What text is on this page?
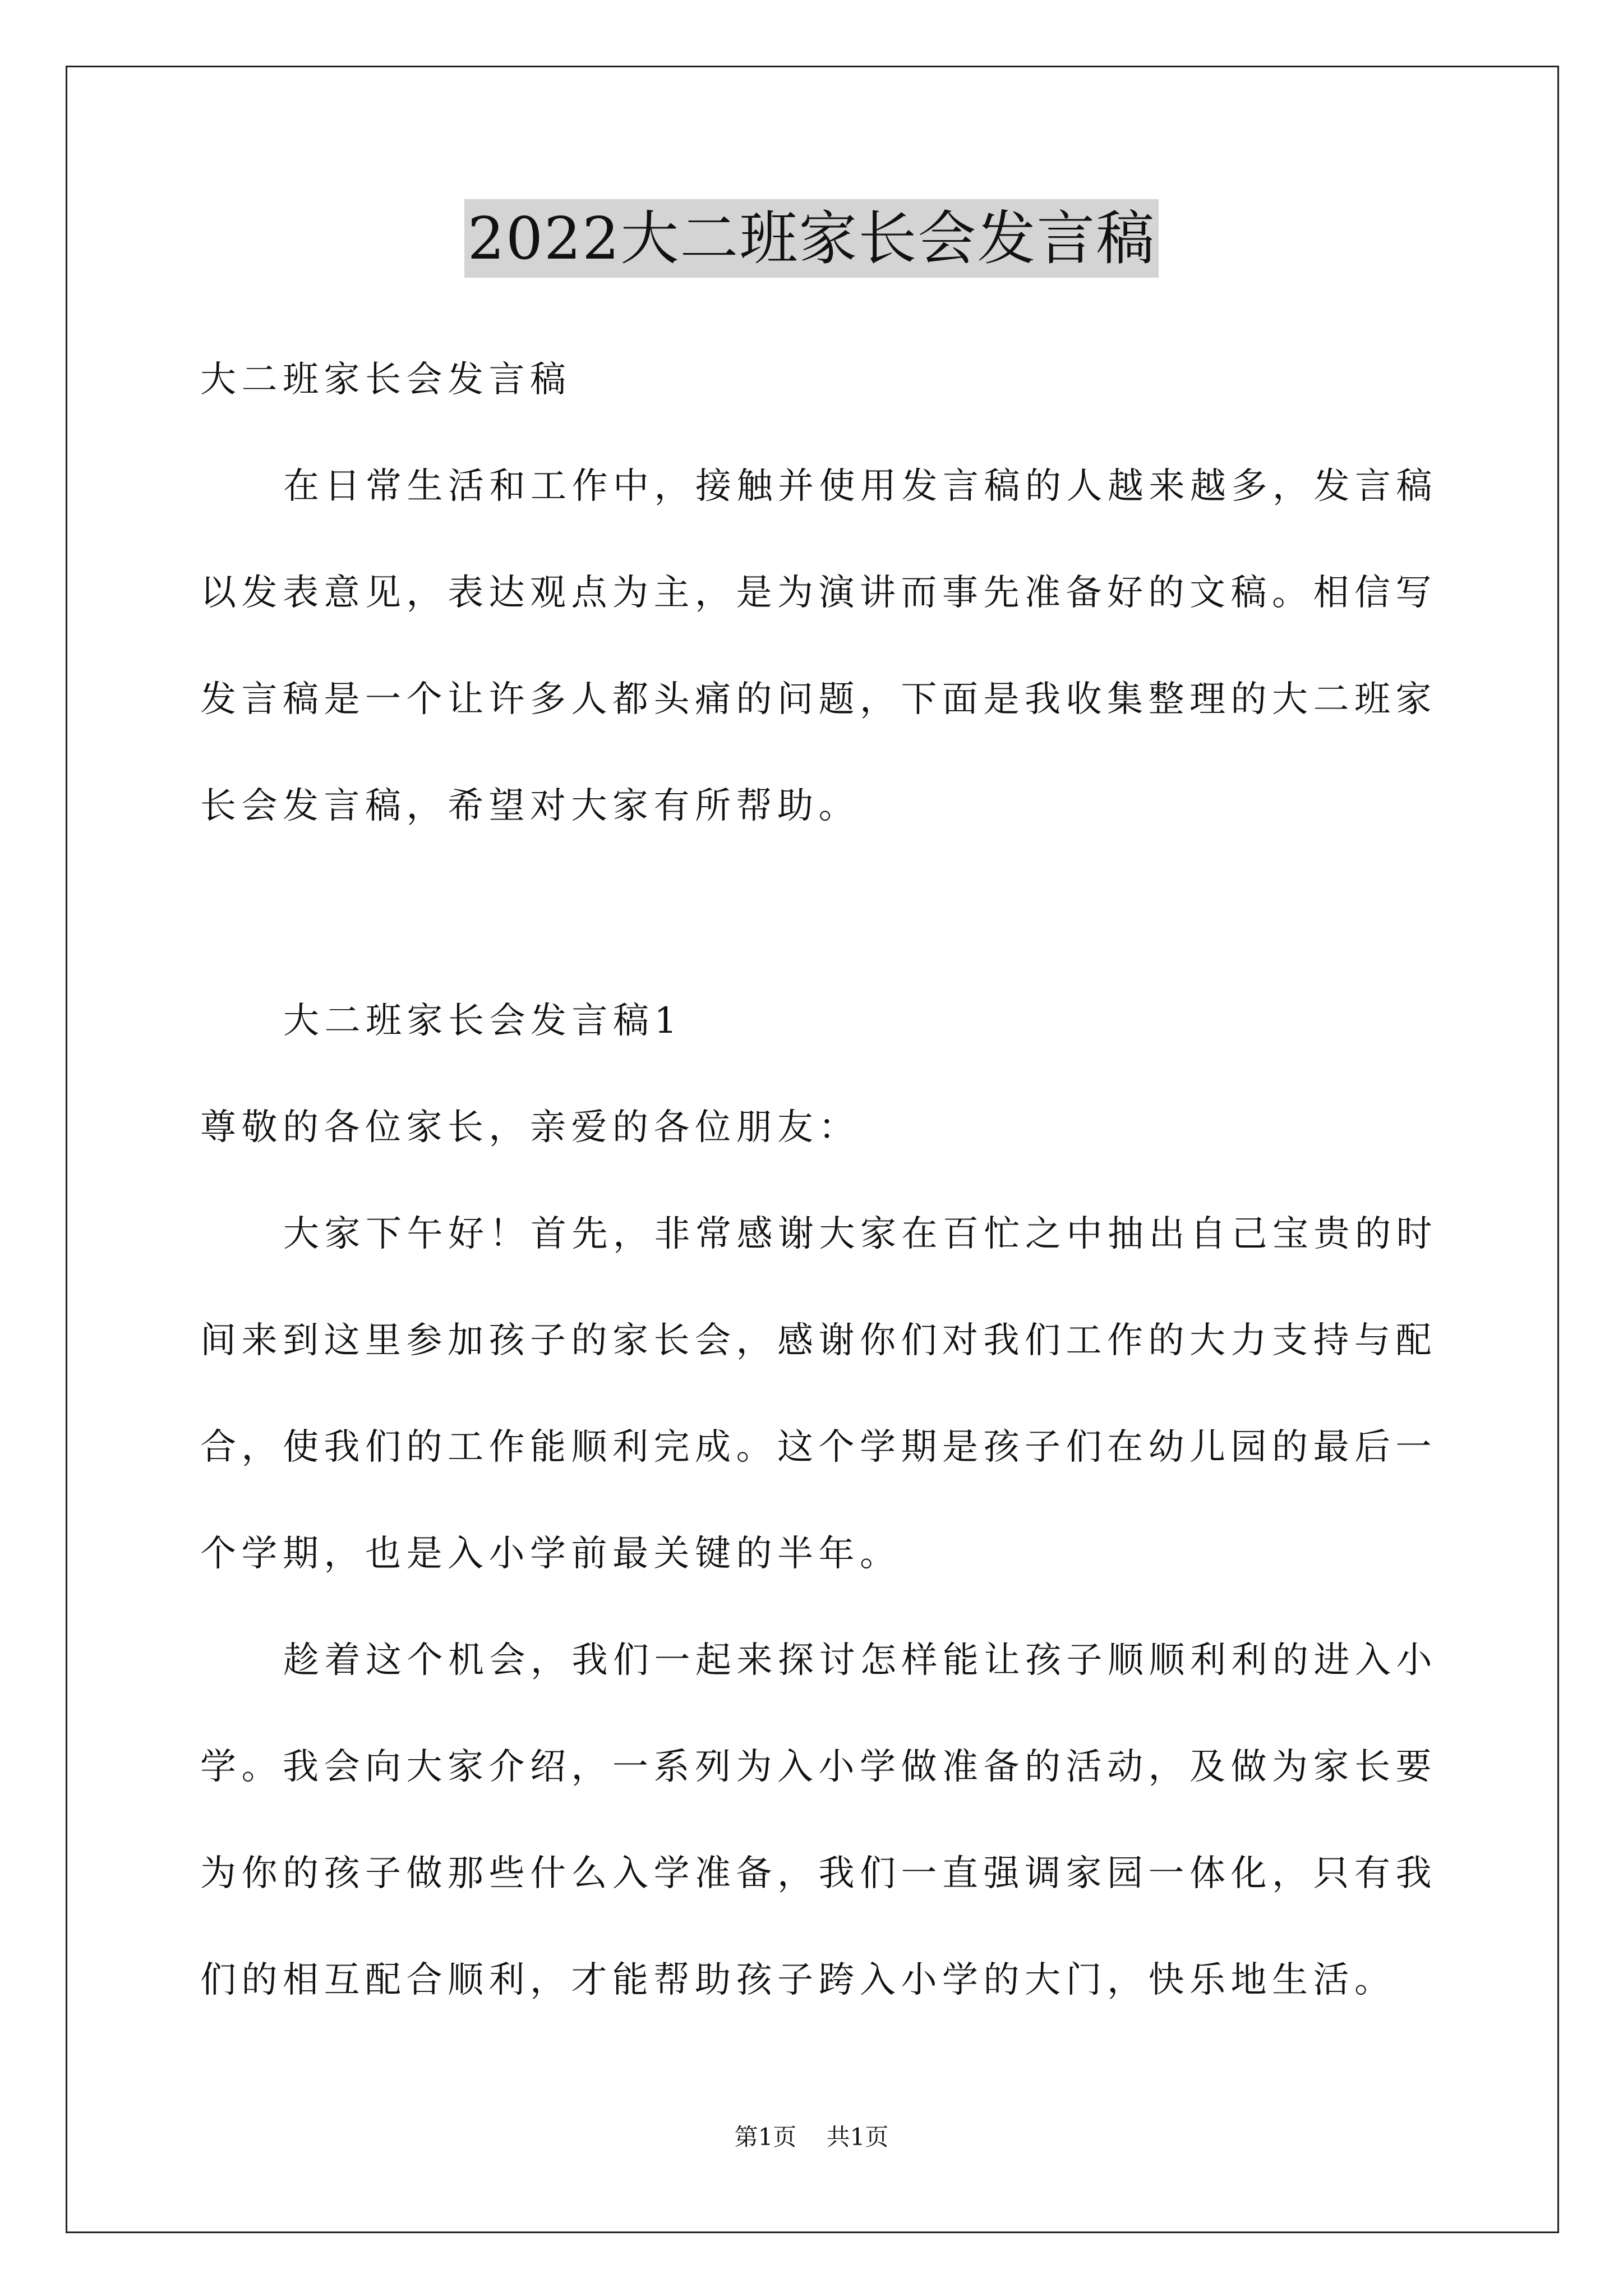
2022大二班家长会发言稿
大二班家长会发言稿
在日常生活和工作中，接触并使用发言稿的人越来越多，发言稿
以发表意见，表达观点为主，是为演讲而事先准备好的文稿。相信写
发言稿是一个让许多人都头痛的问题，下面是我收集整理的大二班家
长会发言稿，希望对大家有所帮助。
大二班家长会发言稿1
尊敬的各位家长，亲爱的各位朋友：
大家下午好！首先，非常感谢大家在百忙之中抽出自己宝贵的时
间来到这里参加孩子的家长会，感谢你们对我们工作的大力支持与配
合，使我们的工作能顺利完成。这个学期是孩子们在幼儿园的最后一
个学期，也是入小学前最关键的半年。
趁着这个机会，我们一起来探讨怎样能让孩子顺顺利利的进入小
学。我会向大家介绍，一系列为入小学做准备的活动，及做为家长要
为你的孩子做那些什么入学准备，我们一直强调家园一体化，只有我
们的相互配合顺利，才能帮助孩子跨入小学的大门，快乐地生活。
第1页 共1页
